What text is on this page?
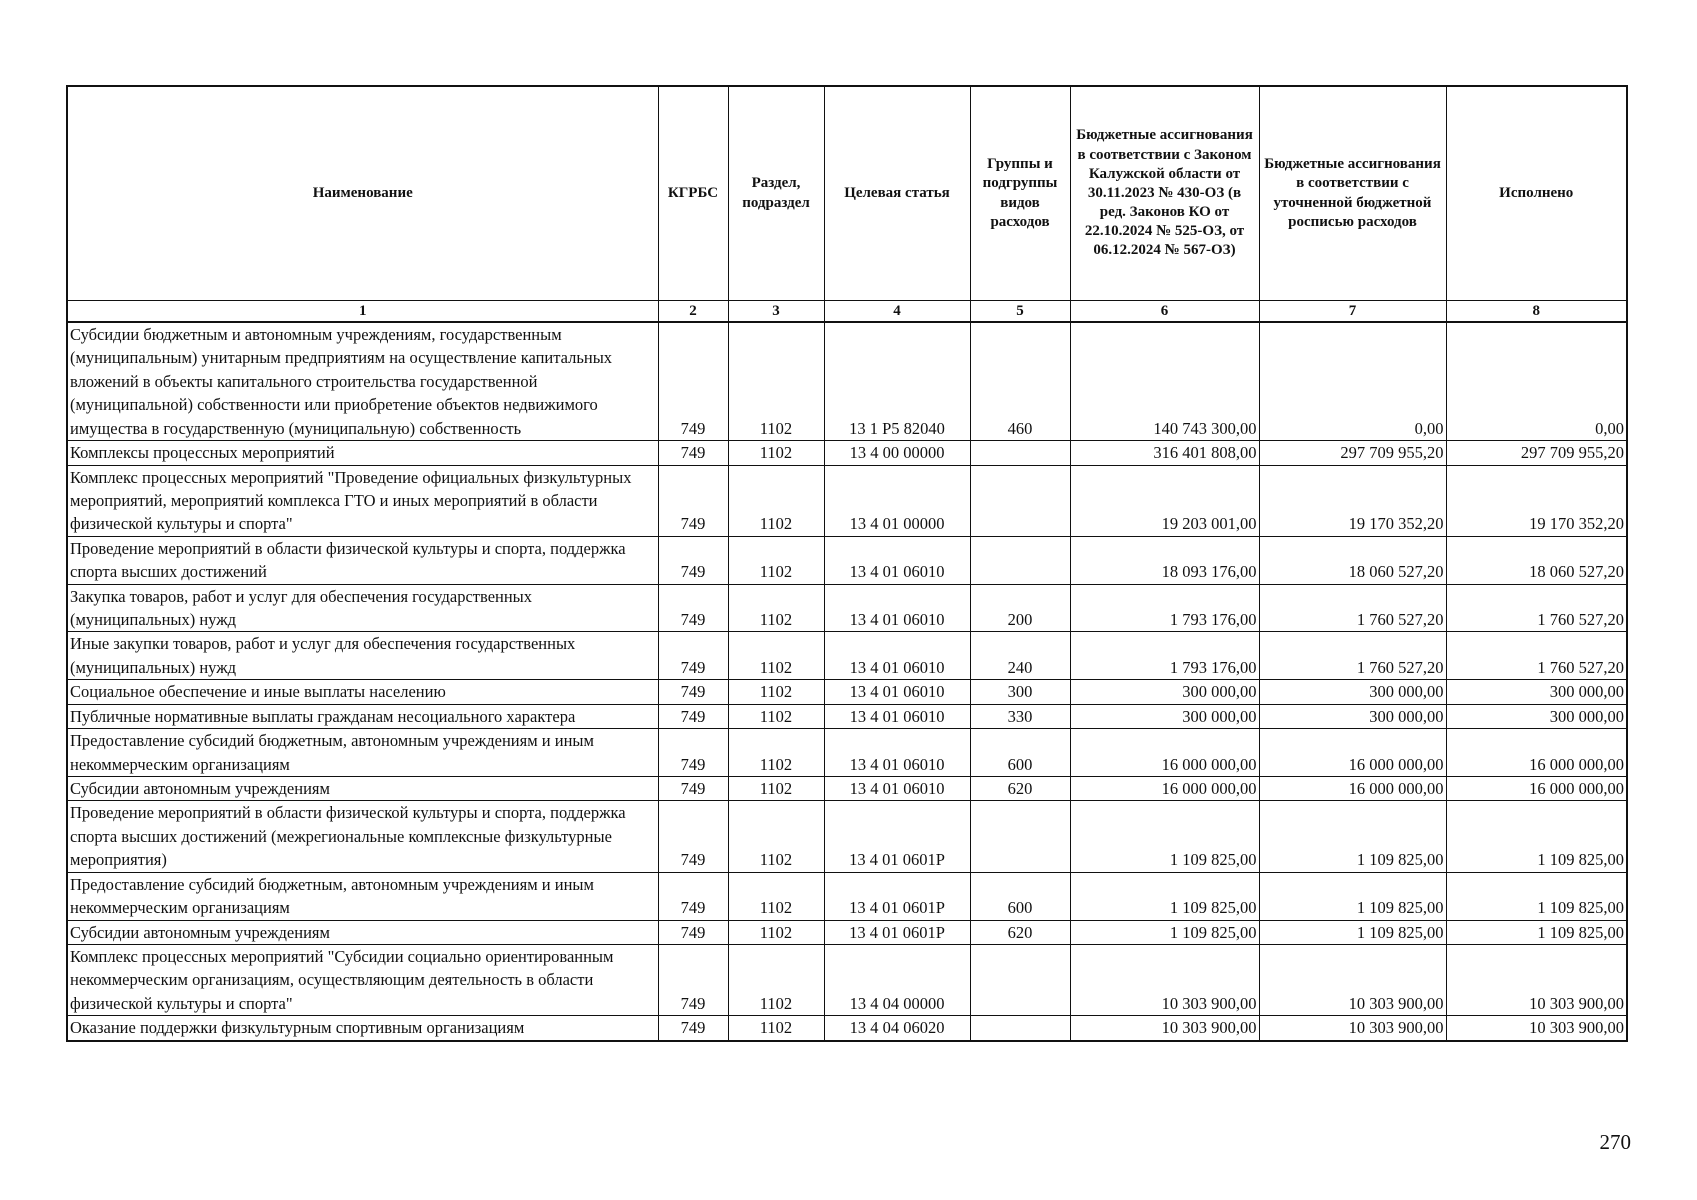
Наименование	КГРБС	Раздел, подраздел	Целевая статья	Группы и подгруппы видов расходов	Бюджетные ассигнования в соответствии с Законом Калужской области от 30.11.2023 № 430-ОЗ (в ред. Законов КО от 22.10.2024 № 525-ОЗ, от 06.12.2024 № 567-ОЗ)	Бюджетные ассигнования в соответствии с уточненной бюджетной росписью расходов	Исполнено
1	2	3	4	5	6	7	8
Субсидии бюджетным и автономным учреждениям, государственным (муниципальным) унитарным предприятиям на осуществление капитальных вложений в объекты капитального строительства государственной (муниципальной) собственности или приобретение объектов недвижимого имущества в государственную (муниципальную) собственность	749	1102	13 1 P5 82040	460	140 743 300,00	0,00	0,00
Комплексы процессных мероприятий	749	1102	13 4 00 00000		316 401 808,00	297 709 955,20	297 709 955,20
Комплекс процессных мероприятий "Проведение официальных физкультурных мероприятий, мероприятий комплекса ГТО и иных мероприятий в области физической культуры и спорта"	749	1102	13 4 01 00000		19 203 001,00	19 170 352,20	19 170 352,20
Проведение мероприятий в области физической культуры и спорта, поддержка спорта высших достижений	749	1102	13 4 01 06010		18 093 176,00	18 060 527,20	18 060 527,20
Закупка товаров, работ и услуг для обеспечения государственных (муниципальных) нужд	749	1102	13 4 01 06010	200	1 793 176,00	1 760 527,20	1 760 527,20
Иные закупки товаров, работ и услуг для обеспечения государственных (муниципальных) нужд	749	1102	13 4 01 06010	240	1 793 176,00	1 760 527,20	1 760 527,20
Социальное обеспечение и иные выплаты населению	749	1102	13 4 01 06010	300	300 000,00	300 000,00	300 000,00
Публичные нормативные выплаты гражданам несоциального характера	749	1102	13 4 01 06010	330	300 000,00	300 000,00	300 000,00
Предоставление субсидий бюджетным, автономным учреждениям и иным некоммерческим организациям	749	1102	13 4 01 06010	600	16 000 000,00	16 000 000,00	16 000 000,00
Субсидии автономным учреждениям	749	1102	13 4 01 06010	620	16 000 000,00	16 000 000,00	16 000 000,00
Проведение мероприятий в области физической культуры и спорта, поддержка спорта высших достижений (межрегиональные комплексные физкультурные мероприятия)	749	1102	13 4 01 0601P		1 109 825,00	1 109 825,00	1 109 825,00
Предоставление субсидий бюджетным, автономным учреждениям и иным некоммерческим организациям	749	1102	13 4 01 0601P	600	1 109 825,00	1 109 825,00	1 109 825,00
Субсидии автономным учреждениям	749	1102	13 4 01 0601P	620	1 109 825,00	1 109 825,00	1 109 825,00
Комплекс процессных мероприятий "Субсидии социально ориентированным некоммерческим организациям, осуществляющим деятельность в области физической культуры и спорта"	749	1102	13 4 04 00000		10 303 900,00	10 303 900,00	10 303 900,00
Оказание поддержки физкультурным спортивным организациям	749	1102	13 4 04 06020		10 303 900,00	10 303 900,00	10 303 900,00
270
